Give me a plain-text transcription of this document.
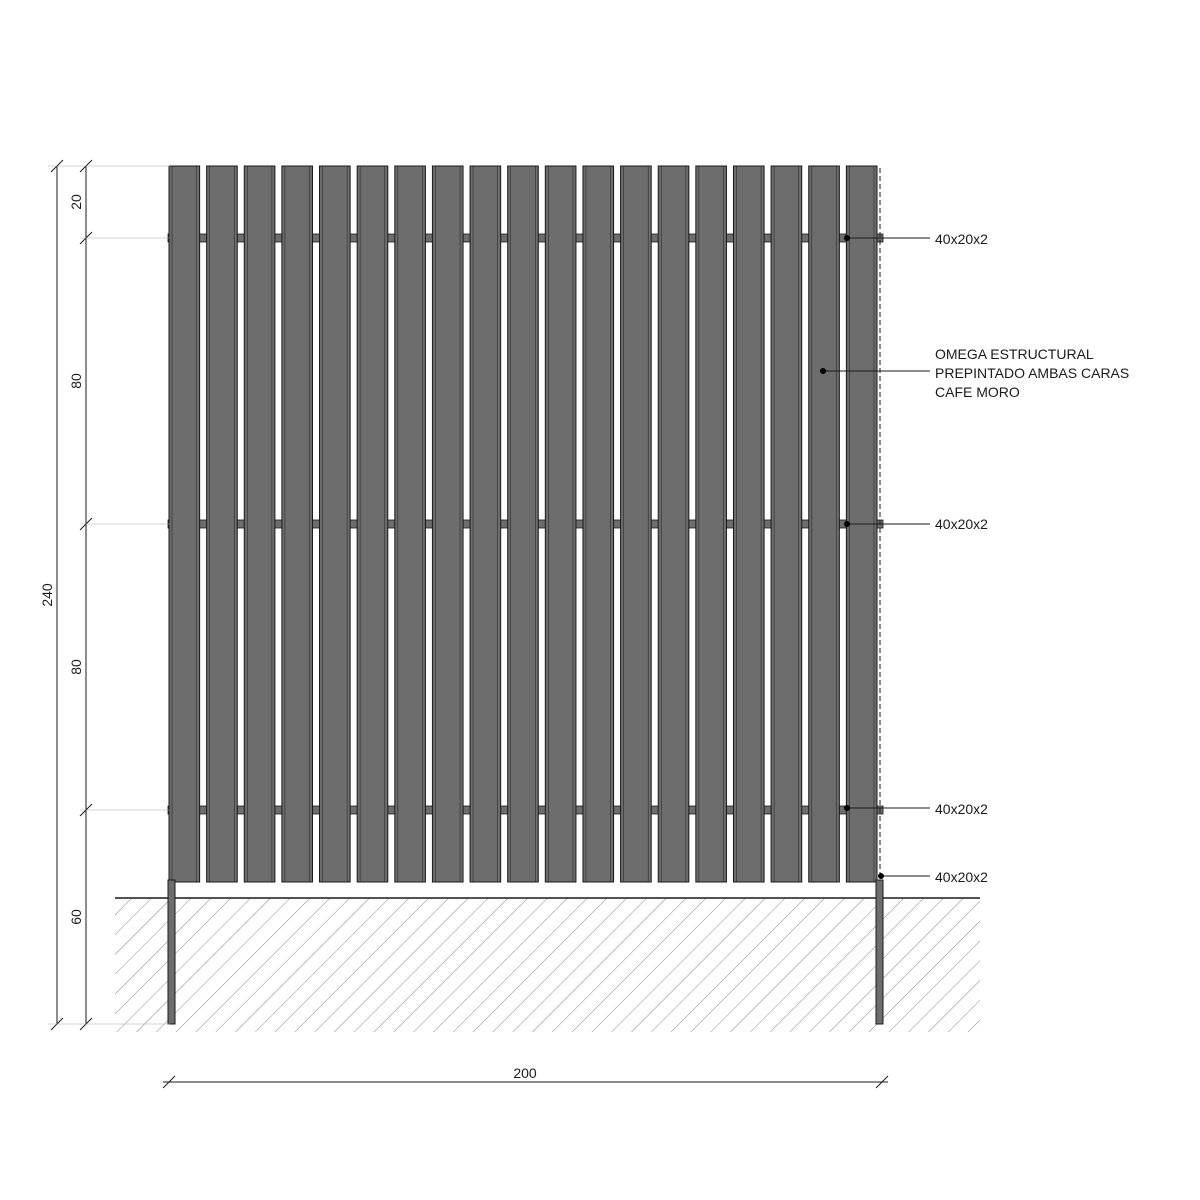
240
20
80
80
60
200
40x20x2
40x20x2
40x20x2
40x20x2
OMEGA ESTRUCTURAL
PREPINTADO AMBAS CARAS
CAFE MORO
